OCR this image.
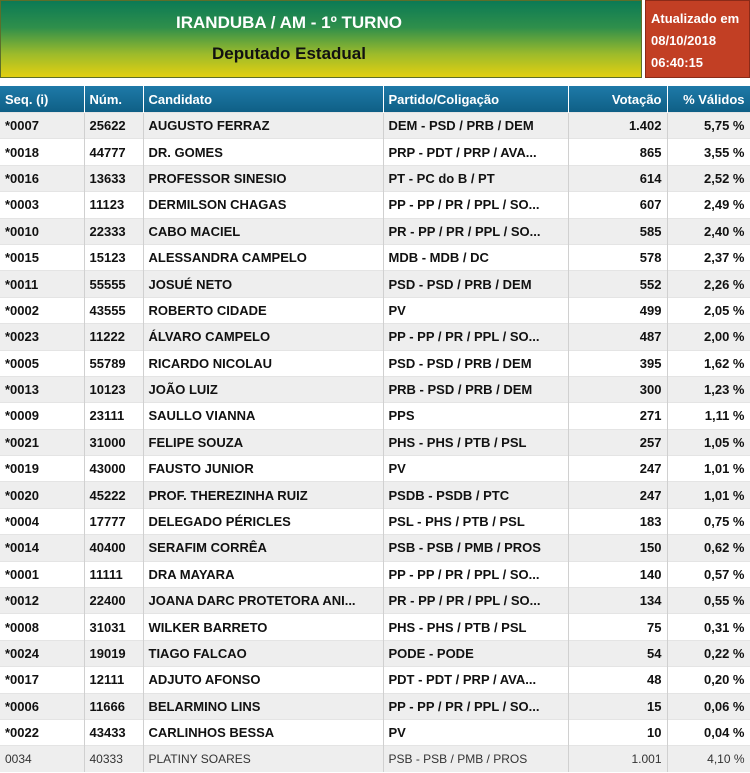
IRANDUBA / AM - 1º TURNO
Deputado Estadual
Atualizado em
08/10/2018
06:40:15
Seq. (i)	Núm.	Candidato	Partido/Coligação	Votação	% Válidos
*0007	25622	AUGUSTO FERRAZ	DEM - PSD / PRB / DEM	1.402	5,75 %
*0018	44777	DR. GOMES	PRP - PDT / PRP / AVA...	865	3,55 %
*0016	13633	PROFESSOR SINESIO	PT - PC do B / PT	614	2,52 %
*0003	11123	DERMILSON CHAGAS	PP - PP / PR / PPL / SO...	607	2,49 %
*0010	22333	CABO MACIEL	PR - PP / PR / PPL / SO...	585	2,40 %
*0015	15123	ALESSANDRA CAMPELO	MDB - MDB / DC	578	2,37 %
*0011	55555	JOSUÉ NETO	PSD - PSD / PRB / DEM	552	2,26 %
*0002	43555	ROBERTO CIDADE	PV	499	2,05 %
*0023	11222	ÁLVARO CAMPELO	PP - PP / PR / PPL / SO...	487	2,00 %
*0005	55789	RICARDO NICOLAU	PSD - PSD / PRB / DEM	395	1,62 %
*0013	10123	JOÃO LUIZ	PRB - PSD / PRB / DEM	300	1,23 %
*0009	23111	SAULLO VIANNA	PPS	271	1,11 %
*0021	31000	FELIPE SOUZA	PHS - PHS / PTB / PSL	257	1,05 %
*0019	43000	FAUSTO JUNIOR	PV	247	1,01 %
*0020	45222	PROF. THEREZINHA RUIZ	PSDB - PSDB / PTC	247	1,01 %
*0004	17777	DELEGADO PÉRICLES	PSL - PHS / PTB / PSL	183	0,75 %
*0014	40400	SERAFIM CORRÊA	PSB - PSB / PMB / PROS	150	0,62 %
*0001	11111	DRA MAYARA	PP - PP / PR / PPL / SO...	140	0,57 %
*0012	22400	JOANA DARC PROTETORA ANI...	PR - PP / PR / PPL / SO...	134	0,55 %
*0008	31031	WILKER BARRETO	PHS - PHS / PTB / PSL	75	0,31 %
*0024	19019	TIAGO FALCAO	PODE - PODE	54	0,22 %
*0017	12111	ADJUTO AFONSO	PDT - PDT / PRP / AVA...	48	0,20 %
*0006	11666	BELARMINO LINS	PP - PP / PR / PPL / SO...	15	0,06 %
*0022	43433	CARLINHOS BESSA	PV	10	0,04 %
0034	40333	PLATINY SOARES	PSB - PSB / PMB / PROS	1.001	4,10 %
